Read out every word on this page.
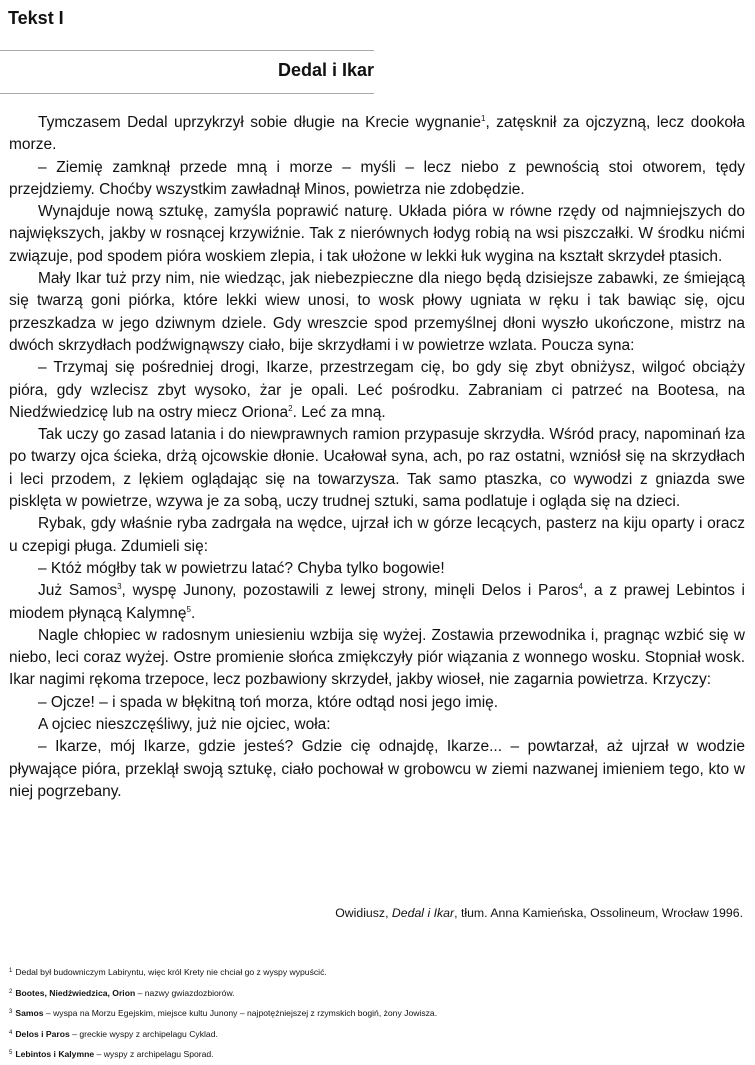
Tekst I
Dedal i Ikar

Tymczasem Dedal uprzykrzył sobie długie na Krecie wygnanie$^1$, zatęsknił za ojczyzną, lecz dookoła morze.

– Ziemię zamknął przede mną i morze – myśli – lecz niebo z pewnością stoi otworem, tędy przejdziemy. Choćby wszystkim zawładnął Minos, powietrza nie zdobędzie.

Wynajduje nową sztukę, zamyśla poprawić naturę. Układa pióra w równe rzędy od najmniejszych do największych, jakby w rosnącej krzywiźnie. Tak z nierównych łodyg robią na wsi piszczałki. W środku nićmi związuje, pod spodem pióra woskiem zlepia, i tak ułożone w lekki łuk wygina na kształt skrzydeł ptasich.

Mały Ikar tuż przy nim, nie wiedząc, jak niebezpieczne dla niego będą dzisiejsze zabawki, ze śmiejącą się twarzą goni piórka, które lekki wiew unosi, to wosk płowy ugniata w ręku i tak bawiąc się, ojcu przeszkadza w jego dziwnym dziele. Gdy wreszcie spod przemyślnej dłoni wyszło ukończone, mistrz na dwóch skrzydłach podźwignąwszy ciało, bije skrzydłami i w powietrze wzlata. Poucza syna:

– Trzymaj się pośredniej drogi, Ikarze, przestrzegam cię, bo gdy się zbyt obniżysz, wilgoć obciąży pióra, gdy wzlecisz zbyt wysoko, żar je opali. Leć pośrodku. Zabraniam ci patrzeć na Bootesa, na Niedźwiedzicę lub na ostry miecz Oriona$^2$. Leć za mną.

Tak uczy go zasad latania i do niewprawnych ramion przypasuje skrzydła. Wśród pracy, napominań łza po twarzy ojca ścieka, drżą ojcowskie dłonie. Ucałował syna, ach, po raz ostatni, wzniósł się na skrzydłach i leci przodem, z lękiem oglądając się na towarzysza. Tak samo ptaszka, co wywodzi z gniazda swe pisklęta w powietrze, wzywa je za sobą, uczy trudnej sztuki, sama podlatuje i ogląda się na dzieci.

Rybak, gdy właśnie ryba zadrgała na wędce, ujrzał ich w górze lecących, pasterz na kiju oparty i oracz u czepigi pługa. Zdumieli się:

– Któż mógłby tak w powietrzu latać? Chyba tylko bogowie!

Już Samos$^3$, wyspę Junony, pozostawili z lewej strony, minęli Delos i Paros$^4$, a z prawej Lebintos i miodem płynącą Kalymnę$^5$.

Nagle chłopiec w radosnym uniesieniu wzbija się wyżej. Zostawia przewodnika i, pragnąc wzbić się w niebo, leci coraz wyżej. Ostre promienie słońca zmiękczyły piór wiązania z wonnego wosku. Stopniał wosk. Ikar nagimi rękoma trzepoce, lecz pozbawiony skrzydeł, jakby wioseł, nie zagarnia powietrza. Krzyczy:

– Ojcze! – i spada w błękitną toń morza, które odtąd nosi jego imię.

A ojciec nieszczęśliwy, już nie ojciec, woła:

– Ikarze, mój Ikarze, gdzie jesteś? Gdzie cię odnajdę, Ikarze... – powtarzał, aż ujrzał w wodzie pływające pióra, przeklął swoją sztukę, ciało pochował w grobowcu w ziemi nazwanej imieniem tego, kto w niej pogrzebany.

Owidiusz, Dedal i Ikar, tłum. Anna Kamieńska, Ossolineum, Wrocław 1996.

$^1$ Dedal był budowniczym Labiryntu, więc król Krety nie chciał go z wyspy wypuścić.

$^2$ Bootes, Niedźwiedzica, Orion – nazwy gwiazdozbiorów.

$^3$ Samos – wyspa na Morzu Egejskim, miejsce kultu Junony – najpotężniejszej z rzymskich bogiń, żony Jowisza.

$^4$ Delos i Paros – greckie wyspy z archipelagu Cyklad.

$^5$ Lebintos i Kalymne – wyspy z archipelagu Sporad.
